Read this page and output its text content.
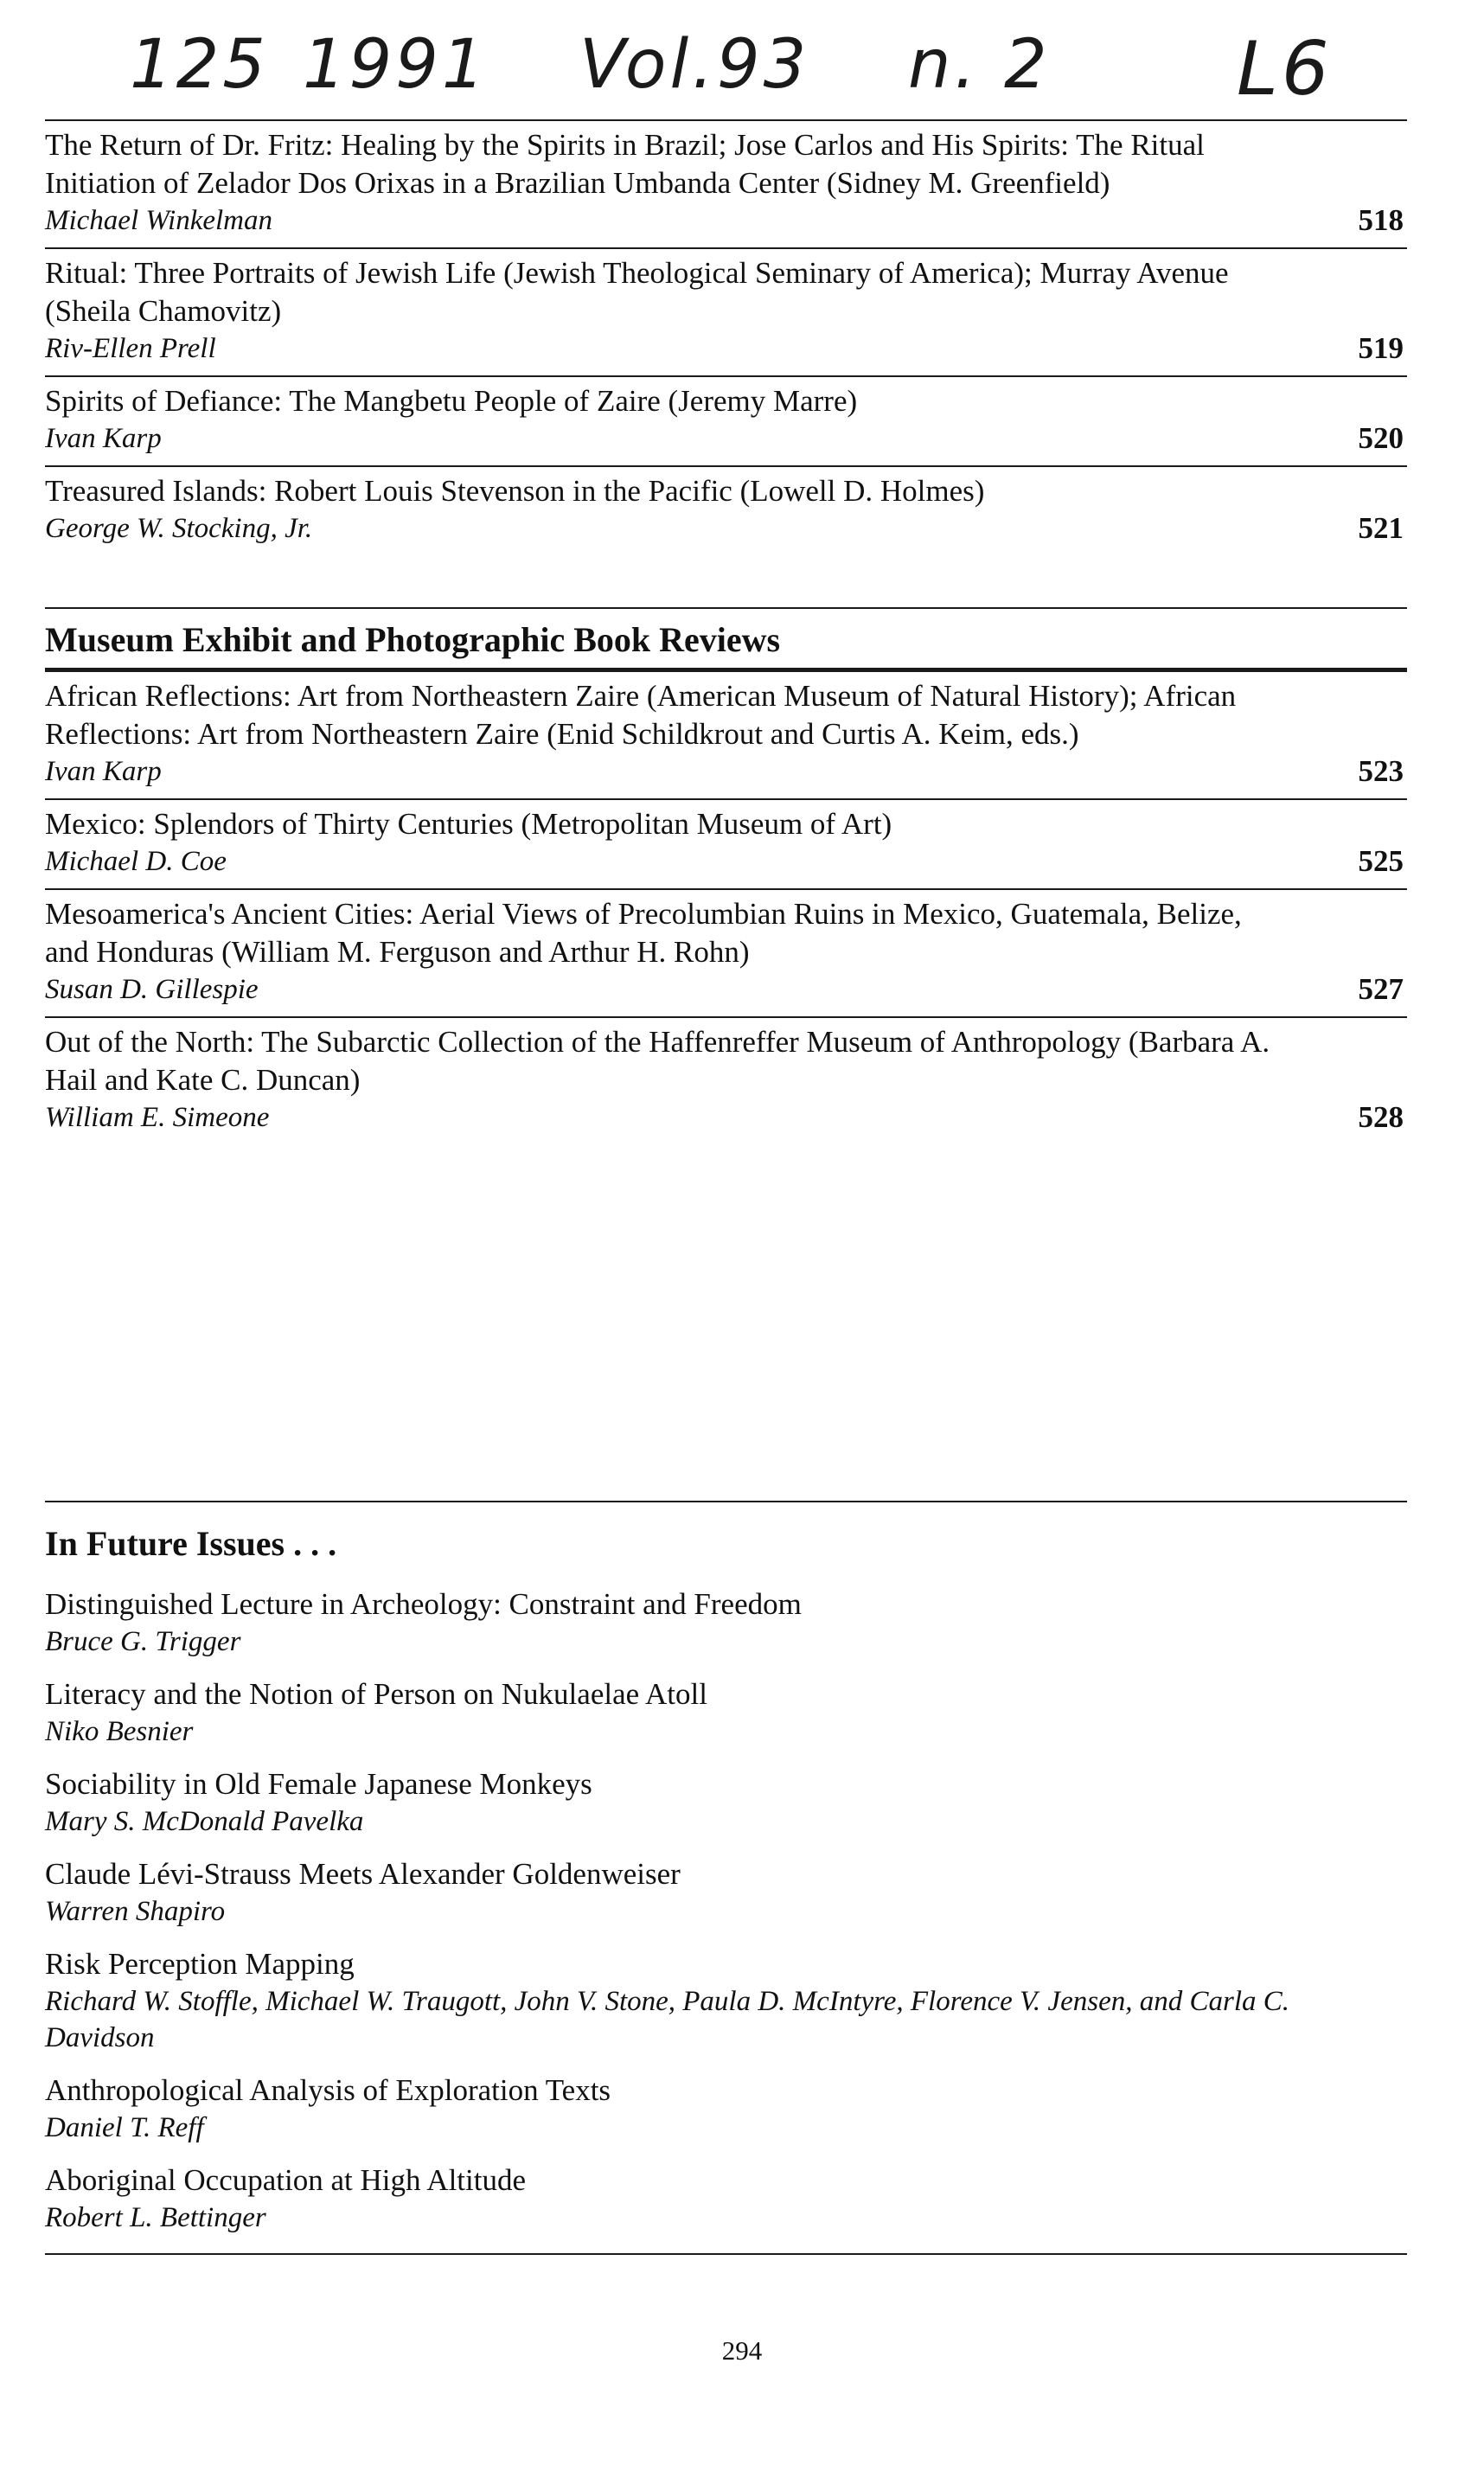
125 1991 Vol.93 n. 2	L6

The Return of Dr. Fritz: Healing by the Spirits in Brazil; Jose Carlos and His Spirits: The Ritual Initiation of Zelador Dos Orixas in a Brazilian Umbanda Center (Sidney M. Greenfield)

Michael Winkelman	518

Ritual: Three Portraits of Jewish Life (Jewish Theological Seminary of America); Murray Avenue (Sheila Chamovitz)

Riv-Ellen Prell	519

Spirits of Defiance: The Mangbetu People of Zaire (Jeremy Marre)

Ivan Karp	520

Treasured Islands: Robert Louis Stevenson in the Pacific (Lowell D. Holmes)

George W. Stocking, Jr.	521
Museum Exhibit and Photographic Book Reviews

African Reflections: Art from Northeastern Zaire (American Museum of Natural History); African Reflections: Art from Northeastern Zaire (Enid Schildkrout and Curtis A. Keim, eds.)

Ivan Karp	523

Mexico: Splendors of Thirty Centuries (Metropolitan Museum of Art)

Michael D. Coe	525

Mesoamerica's Ancient Cities: Aerial Views of Precolumbian Ruins in Mexico, Guatemala, Belize, and Honduras (William M. Ferguson and Arthur H. Rohn)

Susan D. Gillespie	527

Out of the North: The Subarctic Collection of the Haffenreffer Museum of Anthropology (Barbara A. Hail and Kate C. Duncan)

William E. Simeone	528
In Future Issues . . .

Distinguished Lecture in Archeology: Constraint and Freedom

Bruce G. Trigger

Literacy and the Notion of Person on Nukulaelae Atoll

Niko Besnier

Sociability in Old Female Japanese Monkeys

Mary S. McDonald Pavelka

Claude Lévi-Strauss Meets Alexander Goldenweiser

Warren Shapiro

Risk Perception Mapping

Richard W. Stoffle, Michael W. Traugott, John V. Stone, Paula D. McIntyre, Florence V. Jensen, and Carla C. Davidson

Anthropological Analysis of Exploration Texts

Daniel T. Reff

Aboriginal Occupation at High Altitude

Robert L. Bettinger

294
